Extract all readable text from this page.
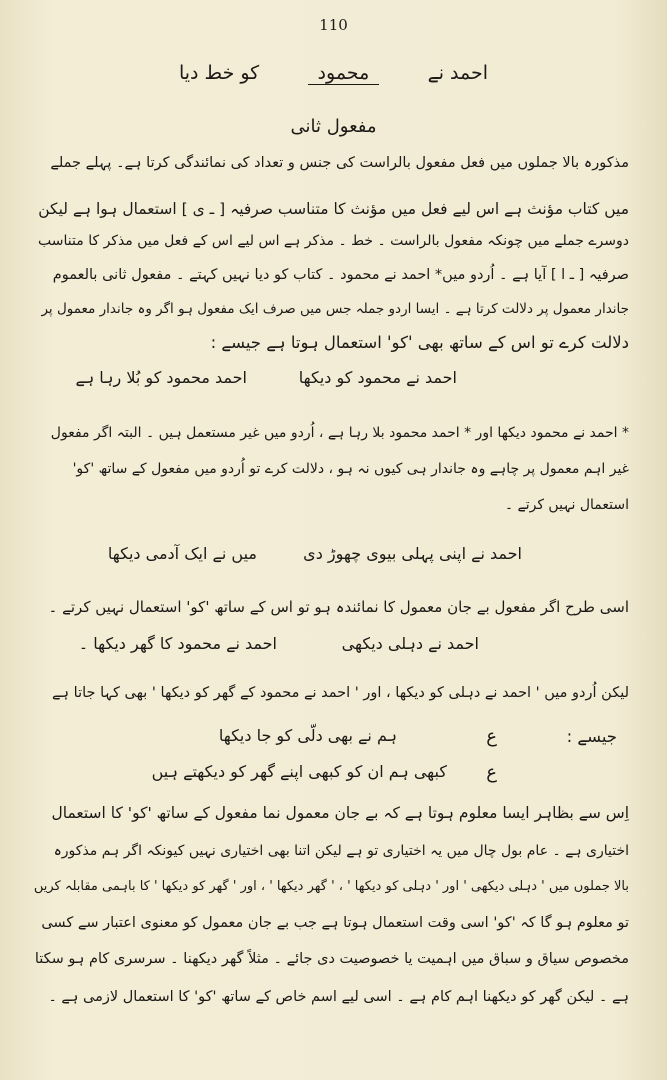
110
احمد نے        محمود        کو خط دیا
مفعول ثانی
مذکورہ بالا جملوں میں فعل مفعول بالراست کی جنس و تعداد کی نمائندگی کرتا ہے۔ پہلے جملے
میں کتاب مؤنث ہے اس لیے فعل میں مؤنث کا متناسب صرفیہ [ ـ ی ] استعمال ہوا ہے لیکن
دوسرے جملے میں چونکہ مفعول بالراست ۔ خط ۔ مذکر ہے اس لیے اس کے فعل میں مذکر کا متناسب
صرفیہ [ ـ ا ] آیا ہے ۔ اُردو میں* احمد نے محمود ۔ کتاب کو دیا نہیں کہتے ۔ مفعول ثانی بالعموم
جاندار معمول پر دلالت کرتا ہے ۔ ایسا اردو جملہ جس میں صرف ایک مفعول ہو اگر وہ جاندار معمول پر
دلالت کرے تو اس کے ساتھ بھی 'کو' استعمال ہوتا ہے جیسے :
احمد نے محمود کو دیکھا
احمد محمود کو بُلا رہا ہے
* احمد نے محمود دیکھا اور * احمد محمود بلا رہا ہے ، اُردو میں غیر مستعمل ہیں ۔ البتہ اگر مفعول
غیر اہم معمول پر چاہے وہ جاندار ہی کیوں نہ ہو ، دلالت کرے تو اُردو میں مفعول کے ساتھ 'کو'
استعمال نہیں کرتے ۔
احمد نے اپنی پہلی بیوی چھوڑ دی
میں نے ایک آدمی دیکھا
اسی طرح اگر مفعول بے جان معمول کا نمائندہ ہو تو اس کے ساتھ 'کو' استعمال نہیں کرتے ۔
احمد نے دہلی دیکھی
احمد نے محمود کا گھر دیکھا ۔
لیکن اُردو میں ' احمد نے دہلی کو دیکھا ، اور ' احمد نے محمود کے گھر کو دیکھا ' بھی کہا جاتا ہے
جیسے :
ع
ہم نے بھی دلّی کو جا دیکھا
ع
کبھی ہم ان کو کبھی اپنے گھر کو دیکھتے ہیں
اِس سے بظاہر ایسا معلوم ہوتا ہے کہ بے جان معمول نما مفعول کے ساتھ 'کو' کا استعمال
اختیاری ہے ۔ عام بول چال میں یہ اختیاری تو ہے لیکن اتنا بھی اختیاری نہیں کیونکہ اگر ہم مذکورہ
بالا جملوں میں ' دہلی دیکھی ' اور ' دہلی کو دیکھا ' ، ' گھر دیکھا ' ، اور ' گھر کو دیکھا ' کا باہمی مقابلہ کریں
تو معلوم ہو گا کہ 'کو' اسی وقت استعمال ہوتا ہے جب بے جان معمول کو معنوی اعتبار سے کسی
مخصوص سیاق و سباق میں اہمیت یا خصوصیت دی جائے ۔ مثلاً گھر دیکھنا ۔ سرسری کام ہو سکتا
ہے ۔ لیکن گھر کو دیکھنا اہم کام ہے ۔ اسی لیے اسم خاص کے ساتھ 'کو' کا استعمال لازمی ہے ۔
